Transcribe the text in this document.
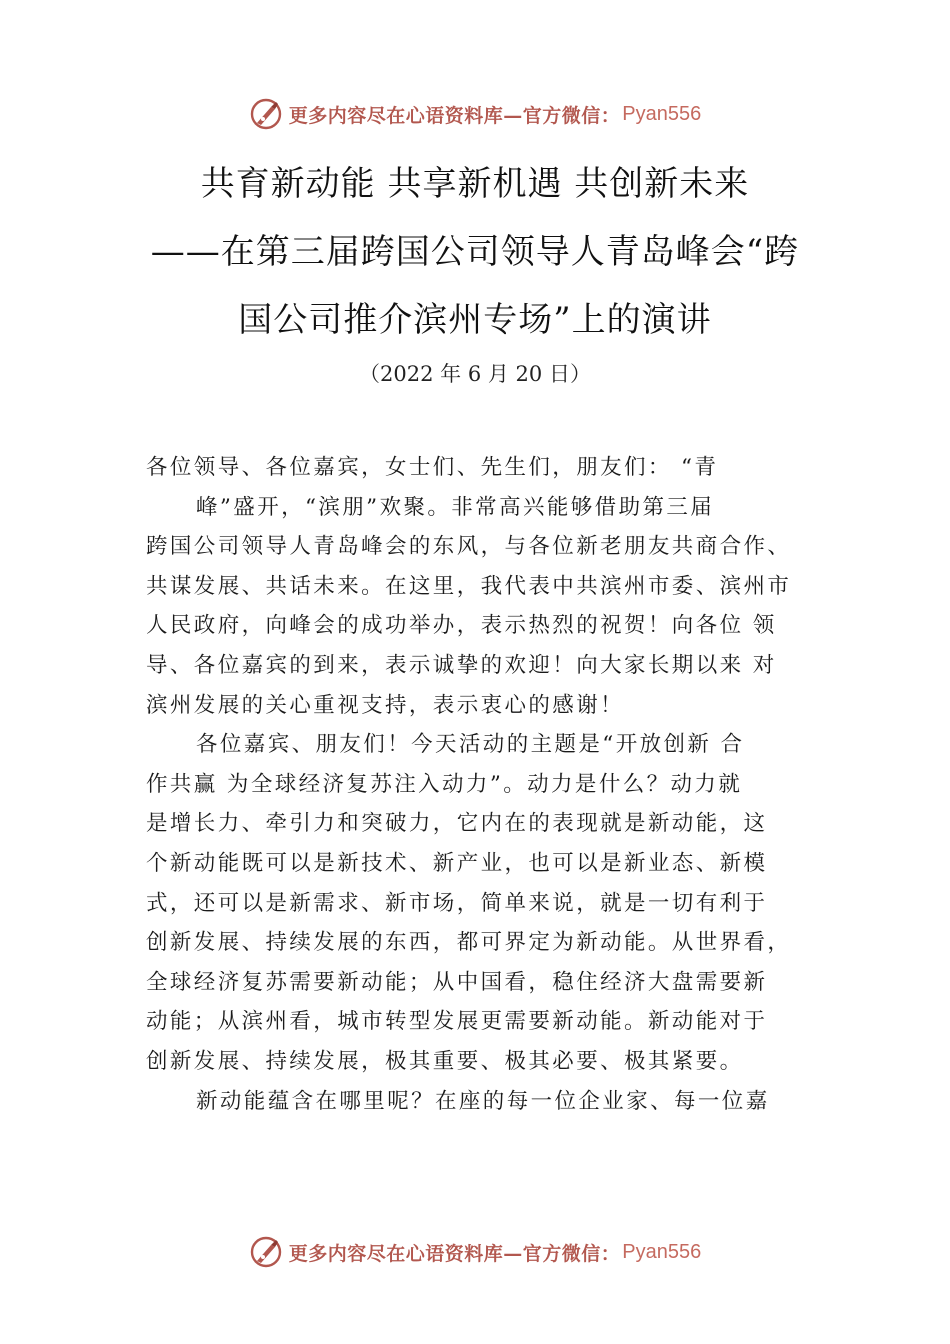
更多内容尽在心语资料库—官方微信： Pyan556
共育新动能 共享新机遇 共创新未来
——在第三届跨国公司领导人青岛峰会“跨
国公司推介滨州专场”上的演讲
（2022 年 6 月 20 日）
各位领导、各位嘉宾，女士们、先生们，朋友们： “青
峰”盛开，“滨朋”欢聚。非常高兴能够借助第三届
跨国公司领导人青岛峰会的东风，与各位新老朋友共商合作、
共谋发展、共话未来。在这里，我代表中共滨州市委、滨州市
人民政府，向峰会的成功举办，表示热烈的祝贺！向各位 领
导、各位嘉宾的到来，表示诚挚的欢迎！向大家长期以来 对
滨州发展的关心重视支持，表示衷心的感谢！
各位嘉宾、朋友们！今天活动的主题是“开放创新 合
作共赢 为全球经济复苏注入动力”。动力是什么？动力就
是增长力、牵引力和突破力，它内在的表现就是新动能，这
个新动能既可以是新技术、新产业，也可以是新业态、新模
式，还可以是新需求、新市场，简单来说，就是一切有利于
创新发展、持续发展的东西，都可界定为新动能。从世界看，
全球经济复苏需要新动能；从中国看，稳住经济大盘需要新
动能；从滨州看，城市转型发展更需要新动能。新动能对于
创新发展、持续发展，极其重要、极其必要、极其紧要。
新动能蕴含在哪里呢？在座的每一位企业家、每一位嘉
更多内容尽在心语资料库—官方微信： Pyan556
